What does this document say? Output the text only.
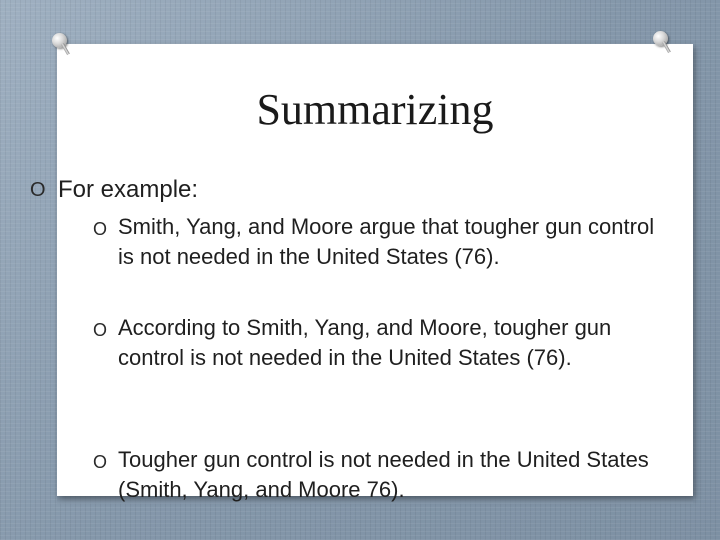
Summarizing
O For example:
O Smith, Yang, and Moore argue that tougher gun control is not needed in the United States (76).
O According to Smith, Yang, and Moore, tougher gun control is not needed in the United States (76).
O Tougher gun control is not needed in the United States (Smith, Yang, and Moore 76).
